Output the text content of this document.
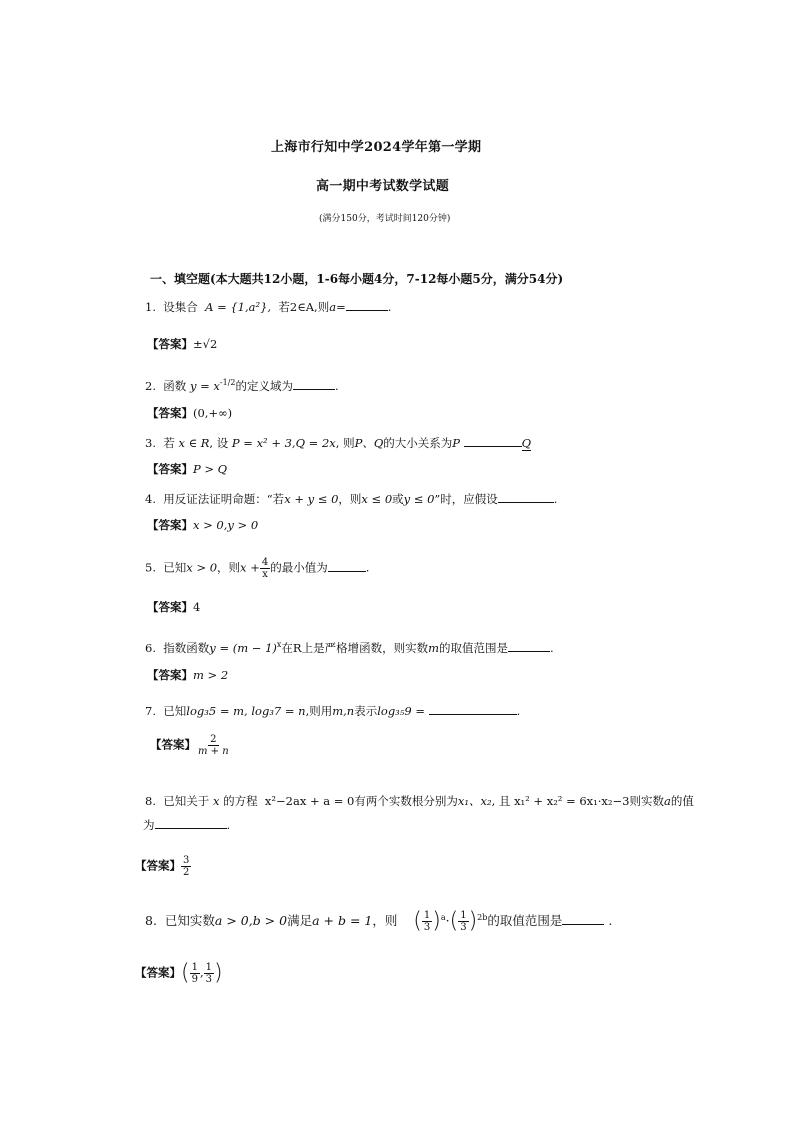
上海市行知中学2024学年第一学期
高一期中考试数学试题
(满分150分，考试时间120分钟)
一、填空题(本大题共12小题，1-6每小题4分，7-12每小题5分，满分54分)
1. 设集合 A = {1,a²}, 若2∈A,则a=	.
【答案】±√2
2. 函数 $y = x^{-1/2}$的定义域为	.
【答案】(0,+∞)
3. 若 x ∈ R, 设 P = x² + 3,Q = 2x, 则P、Q的大小关系为P	Q
【答案】P > Q
4. 用反证法证明命题：“若x + y ≤ 0，则x ≤ 0或y ≤ 0”时，应假设	.
【答案】x > 0,y > 0
5. 已知x > 0，则$x + \frac{4}{x}$ 的最小值为	.
【答案】4
6. 指数函数$y = (m - 1)^x$在R上是严格增函数，则实数m的取值范围是	.
【答案】m > 2
7. 已知log₃5 = m, log₃7 = n,则用m,n表示log₃₅9 =	.
【答案】 $\frac{2}{m + n}$
8. 已知关于 x 的方程 x²−2ax + a = 0有两个实数根分别为x₁、x₂, 且 x₁² + x₂² = 6x₁·x₂−3则实数a的值
为	.
【答案】 $\frac{3}{2}$
8. 已知实数a > 0,b > 0满足a + b = 1，则 ( $\frac{1}{3} )^a\cdot( \frac{1}{3} )^{2b}$的取值范围是	.
【答案】( $\frac{1}{9}$ , $\frac{1}{3}$ )
